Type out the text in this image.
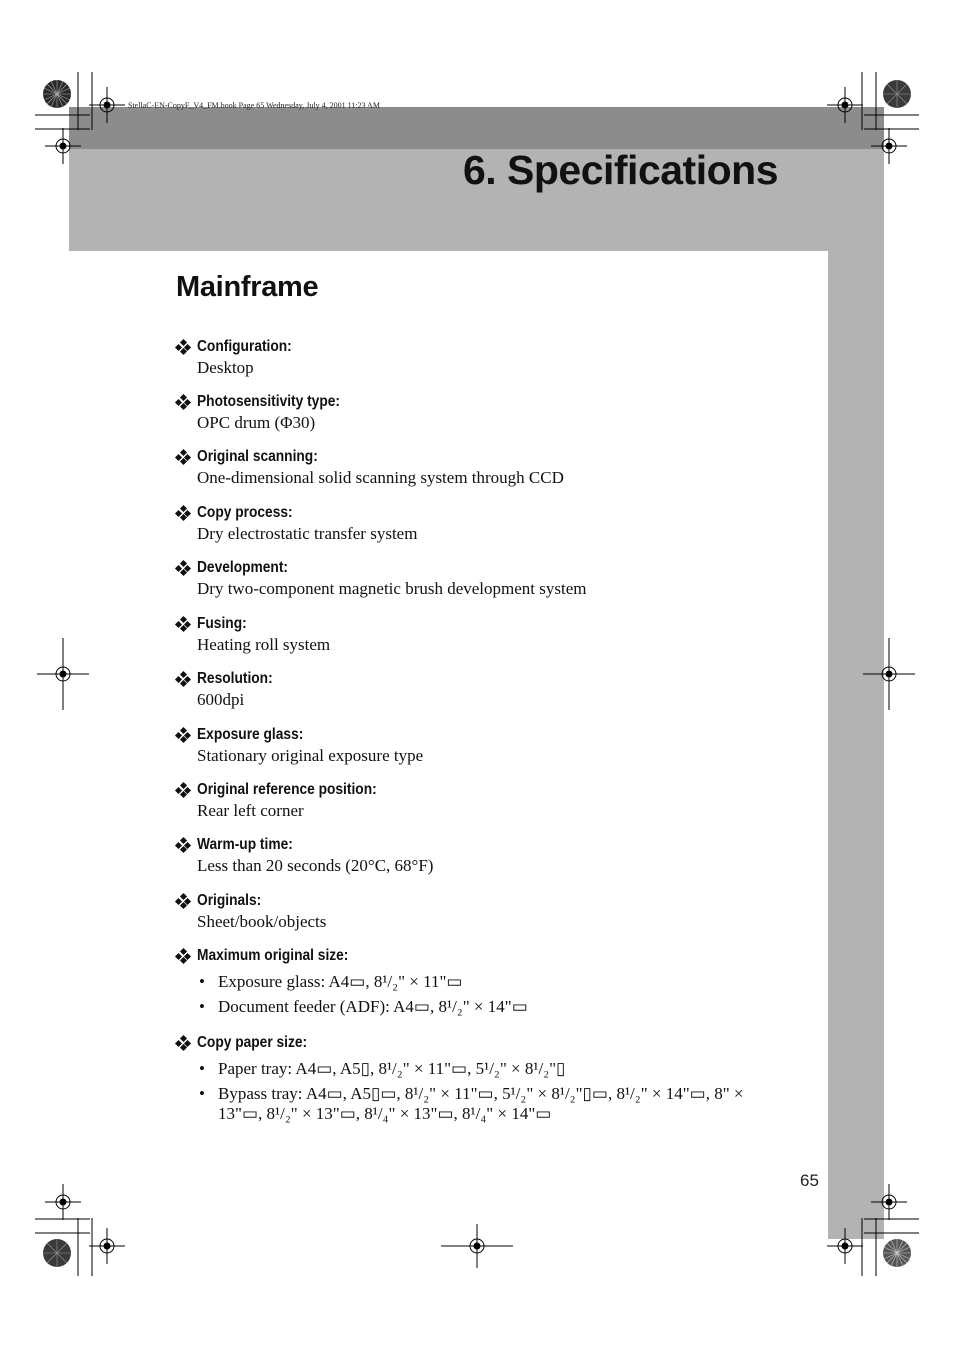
StellaC-EN-CopyF_V4_FM.book Page 65 Wednesday, July 4, 2001 11:23 AM
6. Specifications
Mainframe
Configuration:
Desktop
Photosensitivity type:
OPC drum (Φ30)
Original scanning:
One-dimensional solid scanning system through CCD
Copy process:
Dry electrostatic transfer system
Development:
Dry two-component magnetic brush development system
Fusing:
Heating roll system
Resolution:
600dpi
Exposure glass:
Stationary original exposure type
Original reference position:
Rear left corner
Warm-up time:
Less than 20 seconds (20°C, 68°F)
Originals:
Sheet/book/objects
Maximum original size:
• Exposure glass: A4▭, 8¹/₂" × 11"▭
• Document feeder (ADF): A4▭, 8¹/₂" × 14"▭
Copy paper size:
• Paper tray: A4▭, A5▯, 8¹/₂" × 11"▭, 5¹/₂" × 8¹/₂"▯
• Bypass tray: A4▭, A5▯▭, 8¹/₂" × 11"▭, 5¹/₂" × 8¹/₂"▯▭, 8¹/₂" × 14"▭, 8" × 13"▭, 8¹/₂" × 13"▭, 8¹/₄" × 13"▭, 8¹/₄" × 14"▭
65
